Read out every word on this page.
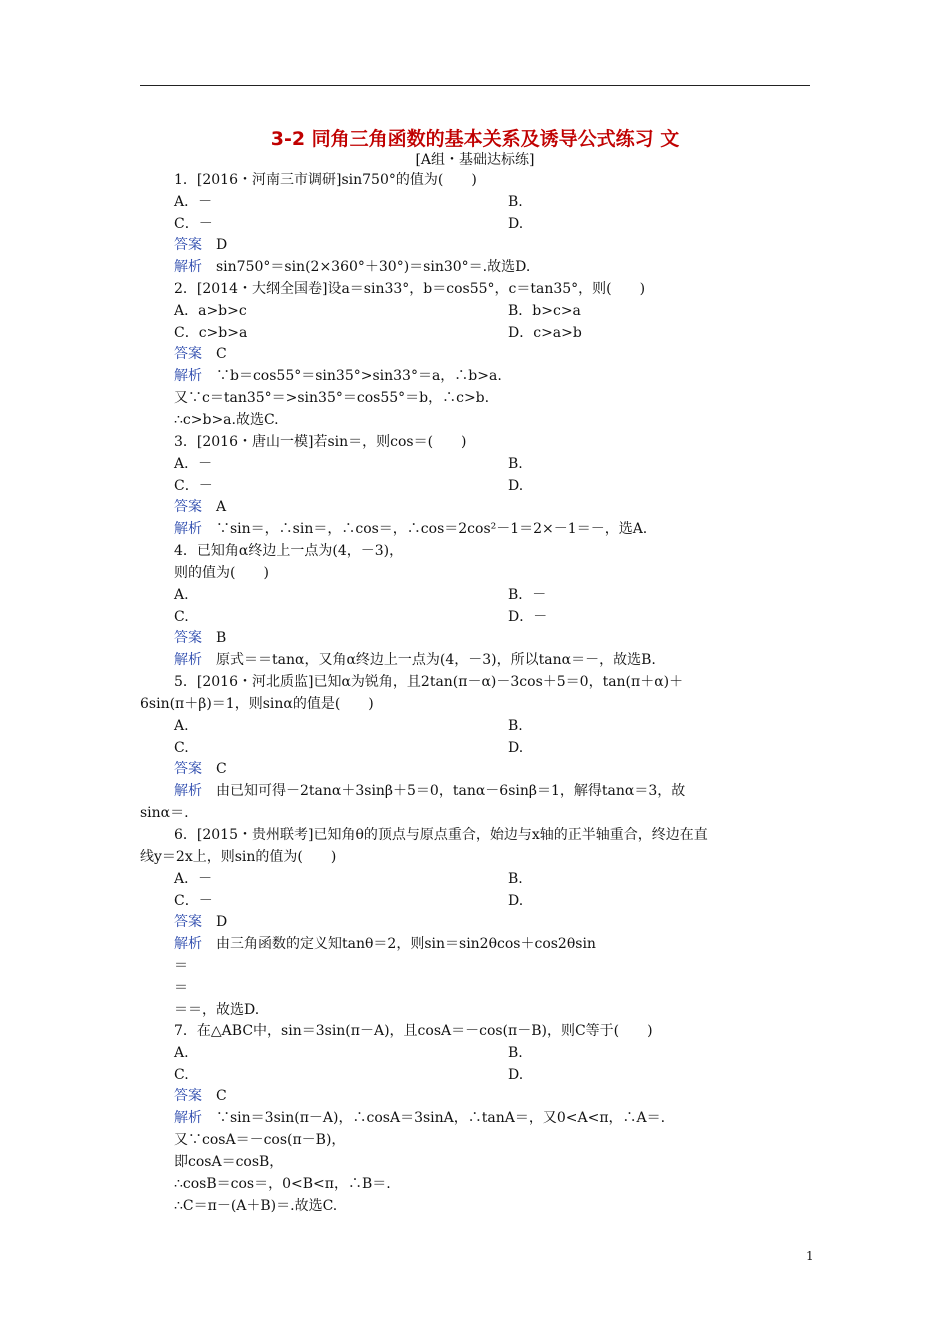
3-2 同角三角函数的基本关系及诱导公式练习 文
[A组・基础达标练]
1．[2016・河南三市调研]sin750°的值为(　　)
A．－	B.
C．－	D.
答案　 D
解析　 sin750°＝sin(2×360°＋30°)＝sin30°＝.故选D.
2．[2014・大纲全国卷]设a＝sin33°，b＝cos55°，c＝tan35°，则(　　)
A．a>b>c	B．b>c>a
C．c>b>a	D．c>a>b
答案　 C
解析　 ∵b＝cos55°＝sin35°>sin33°＝a，∴b>a.
又∵c＝tan35°＝>sin35°＝cos55°＝b，∴c>b.
∴c>b>a.故选C.
3．[2016・唐山一模]若sin＝，则cos＝(　　)
A．－	B.
C．－	D.
答案　 A
解析　 ∵sin＝，∴sin＝，∴cos＝，∴cos＝2cos²－1＝2×－1＝－，选A.
4．已知角α终边上一点为(4，－3)，
则的值为(　　)
A.	B．－
C.	D．－
答案　 B
解析　 原式＝＝tanα，又角α终边上一点为(4，－3)，所以tanα＝－，故选B.
5．[2016・河北质监]已知α为锐角，且2tan(π－α)－3cos＋5＝0，tan(π＋α)＋
6sin(π＋β)＝1，则sinα的值是(　　)
A.	B.
C.	D.
答案　 C
解析　 由已知可得－2tanα＋3sinβ＋5＝0，tanα－6sinβ＝1，解得tanα＝3，故
sinα＝.
6．[2015・贵州联考]已知角θ的顶点与原点重合，始边与x轴的正半轴重合，终边在直
线y＝2x上，则sin的值为(　　)
A．－	B.
C．－	D.
答案　 D
解析　 由三角函数的定义知tanθ＝2，则sin＝sin2θcos＋cos2θsin
＝
＝
＝＝，故选D.
7．在△ABC中，sin＝3sin(π－A)，且cosA＝－cos(π－B)，则C等于(　　)
A.	B.
C.	D.
答案　 C
解析　 ∵sin＝3sin(π－A)，∴cosA＝3sinA，∴tanA＝，又0<A<π，∴A＝.
又∵cosA＝－cos(π－B)，
即cosA＝cosB，
∴cosB＝cos＝，0<B<π，∴B＝.
∴C＝π－(A＋B)＝.故选C.
1
